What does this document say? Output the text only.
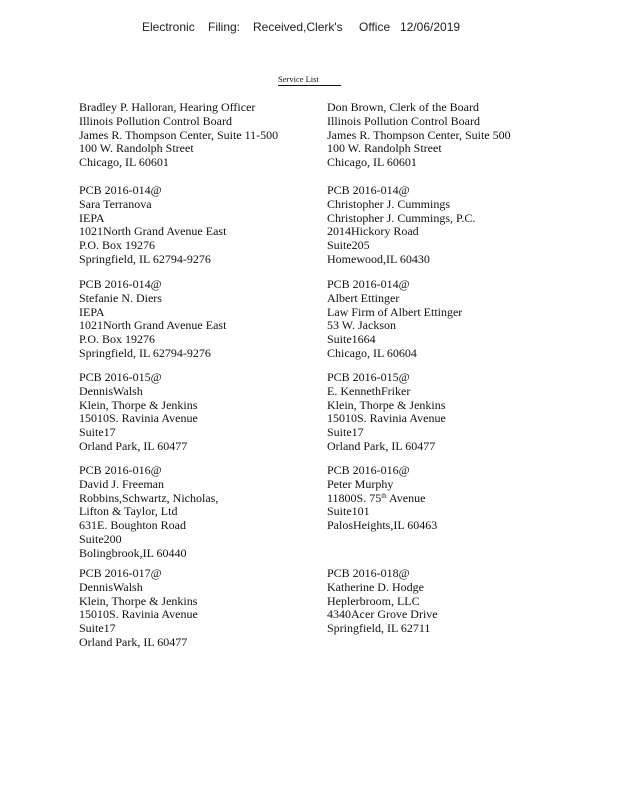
Electronic Filing: Received,Clerk's Office 12/06/2019
Service List
Bradley P. Halloran, Hearing Officer
Illinois Pollution Control Board
James R. Thompson Center, Suite 11-500
100 W. Randolph Street
Chicago, IL 60601
Don Brown, Clerk of the Board
Illinois Pollution Control Board
James R. Thompson Center, Suite 500
100 W. Randolph Street
Chicago, IL 60601
PCB 2016-014@
Sara Terranova
IEPA
1021North Grand Avenue East
P.O. Box 19276
Springfield, IL 62794-9276
PCB 2016-014@
Christopher J. Cummings
Christopher J. Cummings, P.C.
2014Hickory Road
Suite205
Homewood,IL 60430
PCB 2016-014@
Stefanie N. Diers
IEPA
1021North Grand Avenue East
P.O. Box 19276
Springfield, IL 62794-9276
PCB 2016-014@
Albert Ettinger
Law Firm of Albert Ettinger
53 W. Jackson
Suite1664
Chicago, IL 60604
PCB 2016-015@
DennisWalsh
Klein, Thorpe & Jenkins
15010S. Ravinia Avenue
Suite17
Orland Park, IL 60477
PCB 2016-015@
E. KennethFriker
Klein, Thorpe & Jenkins
15010S. Ravinia Avenue
Suite17
Orland Park, IL 60477
PCB 2016-016@
David J. Freeman
Robbins,Schwartz, Nicholas,
Lifton & Taylor, Ltd
631E. Boughton Road
Suite200
Bolingbrook,IL 60440
PCB 2016-016@
Peter Murphy
11800S. 75th Avenue
Suite101
PalosHeights,IL 60463
PCB 2016-017@
DennisWalsh
Klein, Thorpe & Jenkins
15010S. Ravinia Avenue
Suite17
Orland Park, IL 60477
PCB 2016-018@
Katherine D. Hodge
Heplerbroom, LLC
4340Acer Grove Drive
Springfield, IL 62711
